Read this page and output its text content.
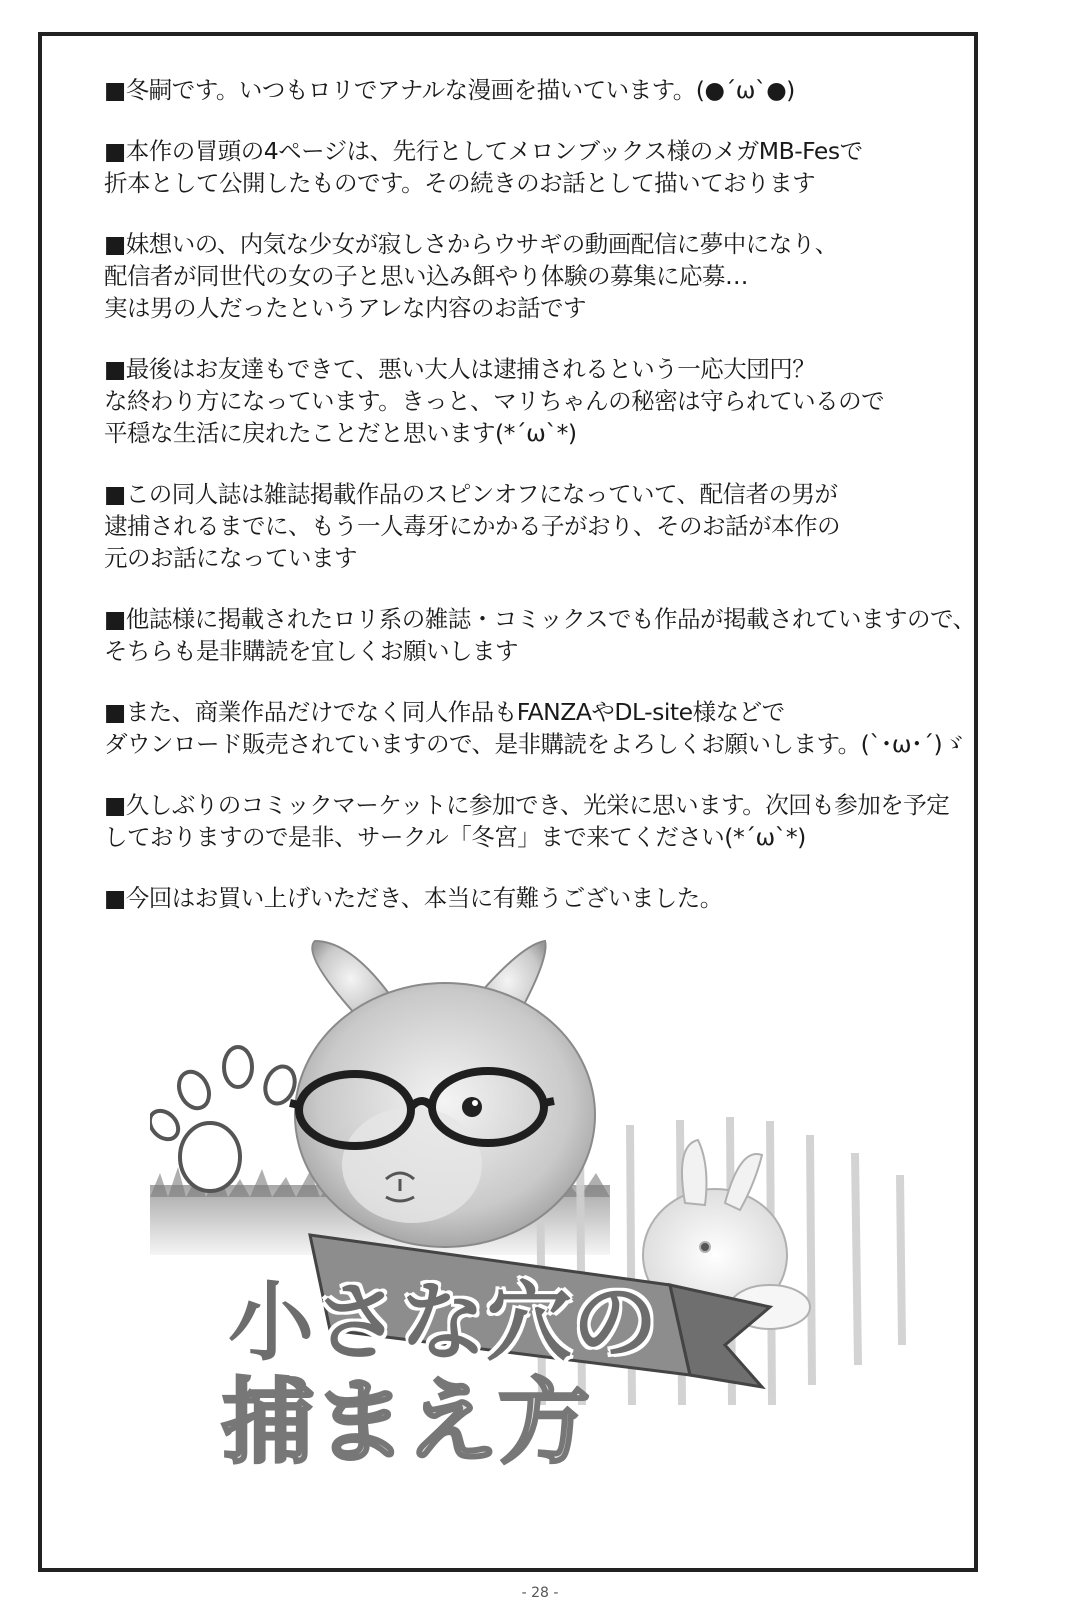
■冬嗣です。いつもロリでアナルな漫画を描いています。(●´ω`●)

■本作の冒頭の4ページは、先行としてメロンブックス様のメガMB-Fesで
折本として公開したものです。その続きのお話として描いております

■妹想いの、内気な少女が寂しさからウサギの動画配信に夢中になり、
配信者が同世代の女の子と思い込み餌やり体験の募集に応募…
実は男の人だったというアレな内容のお話です

■最後はお友達もできて、悪い大人は逮捕されるという一応大団円？
な終わり方になっています。きっと、マリちゃんの秘密は守られているので
平穏な生活に戻れたことだと思います(*´ω`*)

■この同人誌は雑誌掲載作品のスピンオフになっていて、配信者の男が
逮捕されるまでに、もう一人毒牙にかかる子がおり、そのお話が本作の
元のお話になっています

■他誌様に掲載されたロリ系の雑誌・コミックスでも作品が掲載されていますので、
そちらも是非購読を宜しくお願いします

■また、商業作品だけでなく同人作品もFANZAやDL-site様などで
ダウンロード販売されていますので、是非購読をよろしくお願いします。(`･ω･´)ゞ

■久しぶりのコミックマーケットに参加でき、光栄に思います。次回も参加を予定
しておりますので是非、サークル「冬宮」まで来てください(*´ω`*)

■今回はお買い上げいただき、本当に有難うございました。

小さな穴の
捕まえ方
- 28 -
